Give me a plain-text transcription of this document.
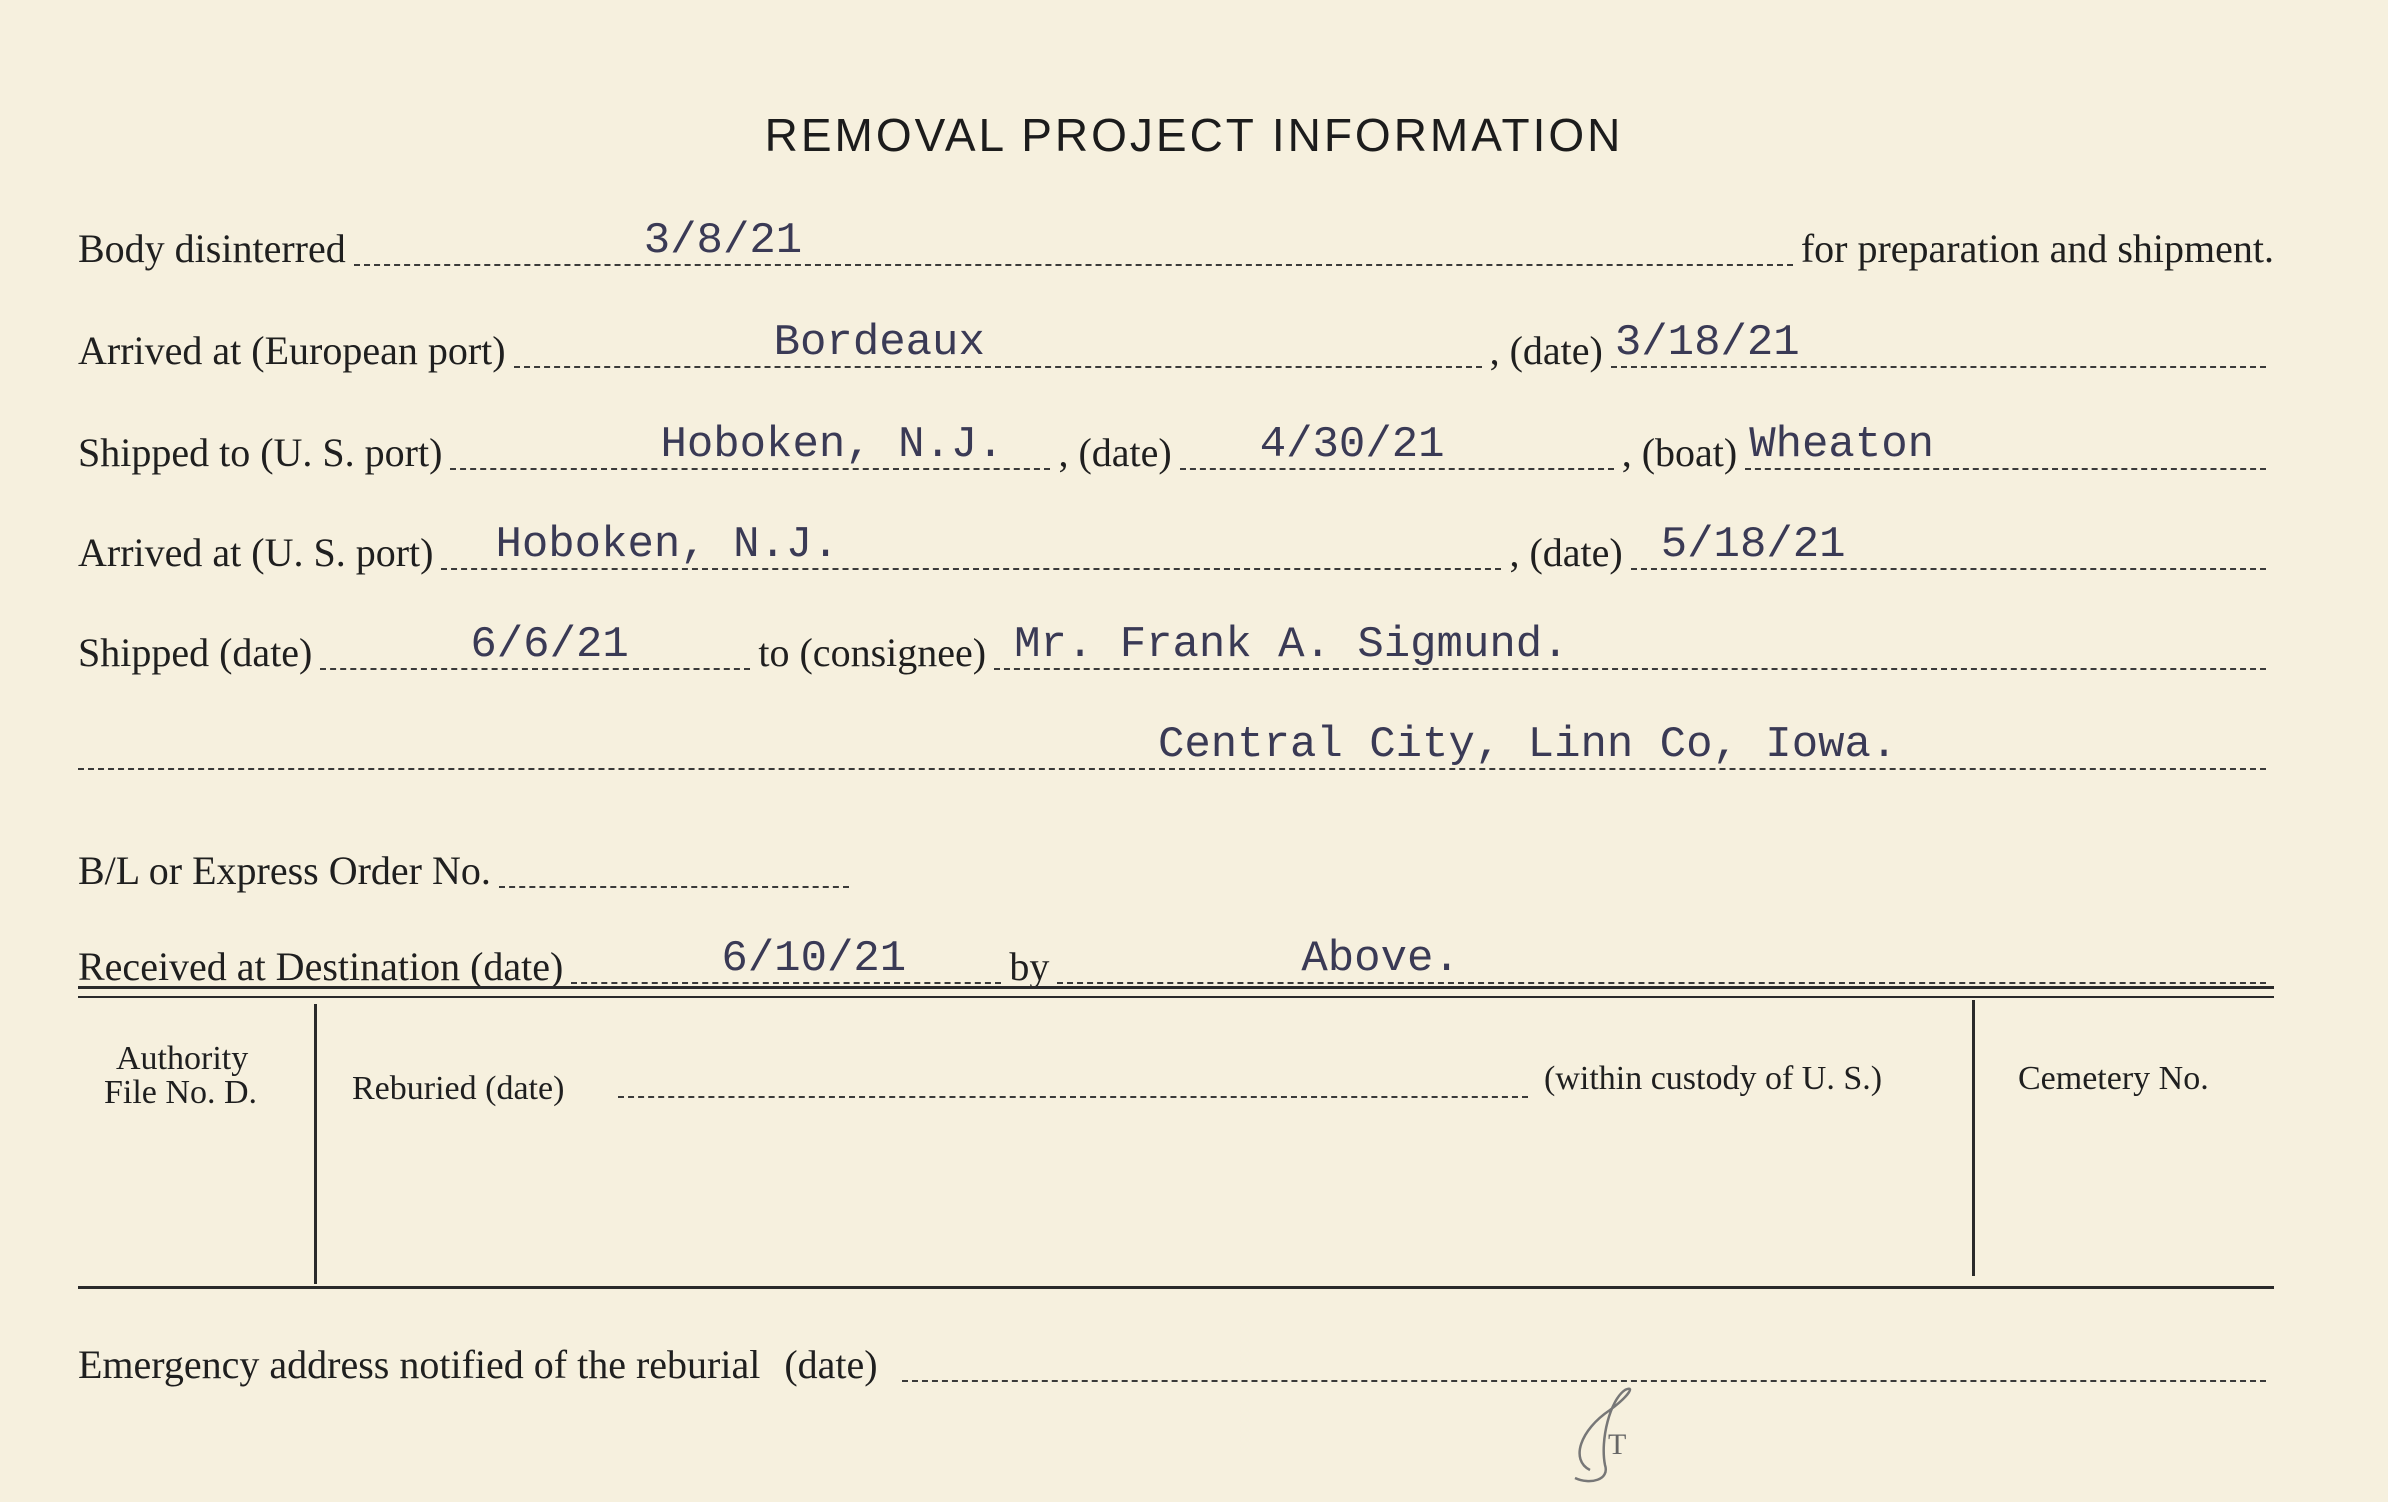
REMOVAL PROJECT INFORMATION
Body disinterred	3/8/21	for preparation and shipment.
Arrived at (European port)	Bordeaux	, (date) 3/18/21
Shipped to (U. S. port)	Hoboken, N.J. , (date) 4/30/21	, (boat) Wheaton
Arrived at (U. S. port) Hoboken, N.J.	, (date) 5/18/21
Shipped (date)	6/6/21	to (consignee) Mr. Frank A. Sigmund.
Central City, Linn Co, Iowa.
B/L or Express Order No.
Received at Destination (date)	6/10/21	by	Above.
Authority
File No. D.	Reburied (date)	(within custody of U. S.)	Cemetery No.
Emergency address notified of the reburial (date)
T
